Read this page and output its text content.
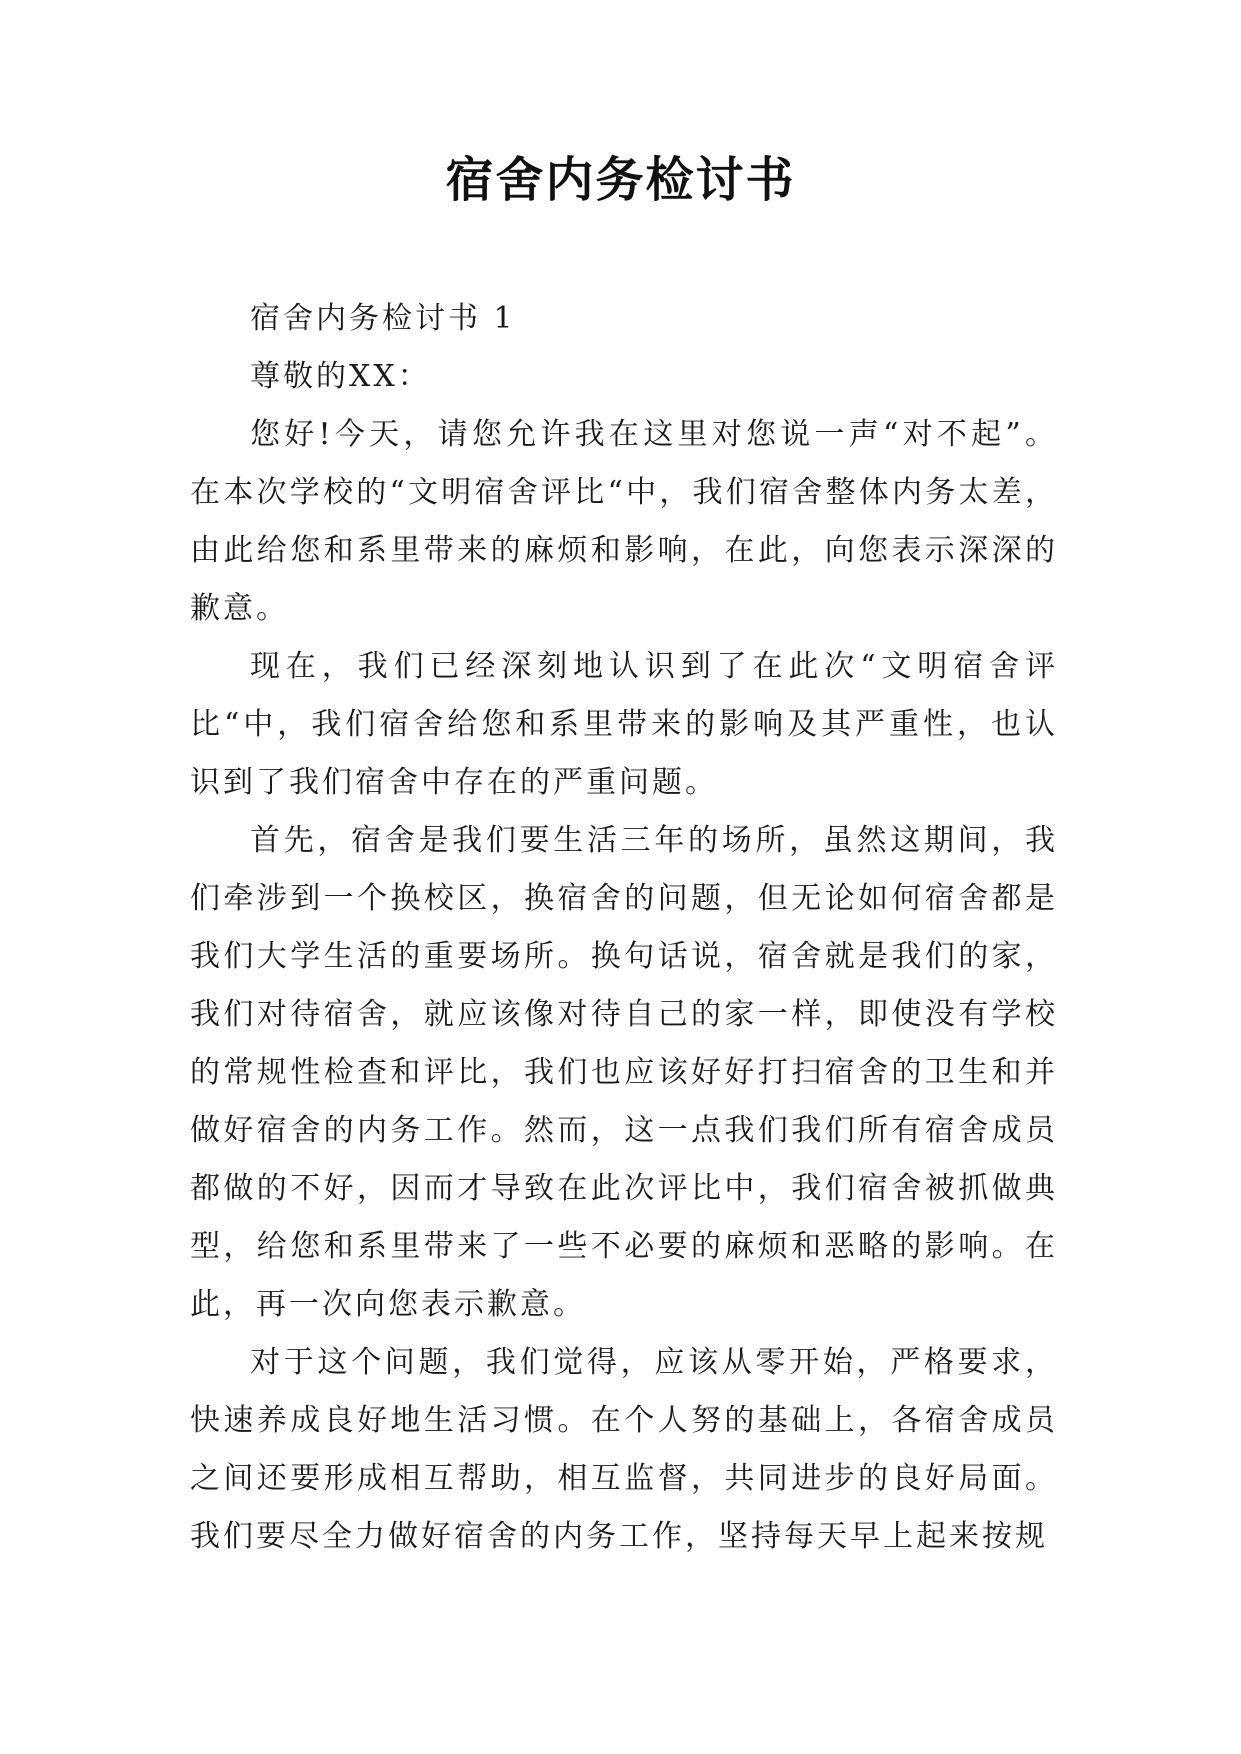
宿舍内务检讨书

宿舍内务检讨书 1

尊敬的XX：

您好!今天，请您允许我在这里对您说一声“对不起”。在本次学校的“文明宿舍评比“中，我们宿舍整体内务太差，由此给您和系里带来的麻烦和影响，在此，向您表示深深的歉意。

现在，我们已经深刻地认识到了在此次“文明宿舍评比“中，我们宿舍给您和系里带来的影响及其严重性，也认识到了我们宿舍中存在的严重问题。

首先，宿舍是我们要生活三年的场所，虽然这期间，我们牵涉到一个换校区，换宿舍的问题，但无论如何宿舍都是我们大学生活的重要场所。换句话说，宿舍就是我们的家，我们对待宿舍，就应该像对待自己的家一样，即使没有学校的常规性检查和评比，我们也应该好好打扫宿舍的卫生和并做好宿舍的内务工作。然而，这一点我们我们所有宿舍成员都做的不好，因而才导致在此次评比中，我们宿舍被抓做典型，给您和系里带来了一些不必要的麻烦和恶略的影响。在此，再一次向您表示歉意。

对于这个问题，我们觉得，应该从零开始，严格要求，快速养成良好地生活习惯。在个人努的基础上，各宿舍成员之间还要形成相互帮助，相互监督，共同进步的良好局面。我们要尽全力做好宿舍的内务工作，坚持每天早上起来按规
